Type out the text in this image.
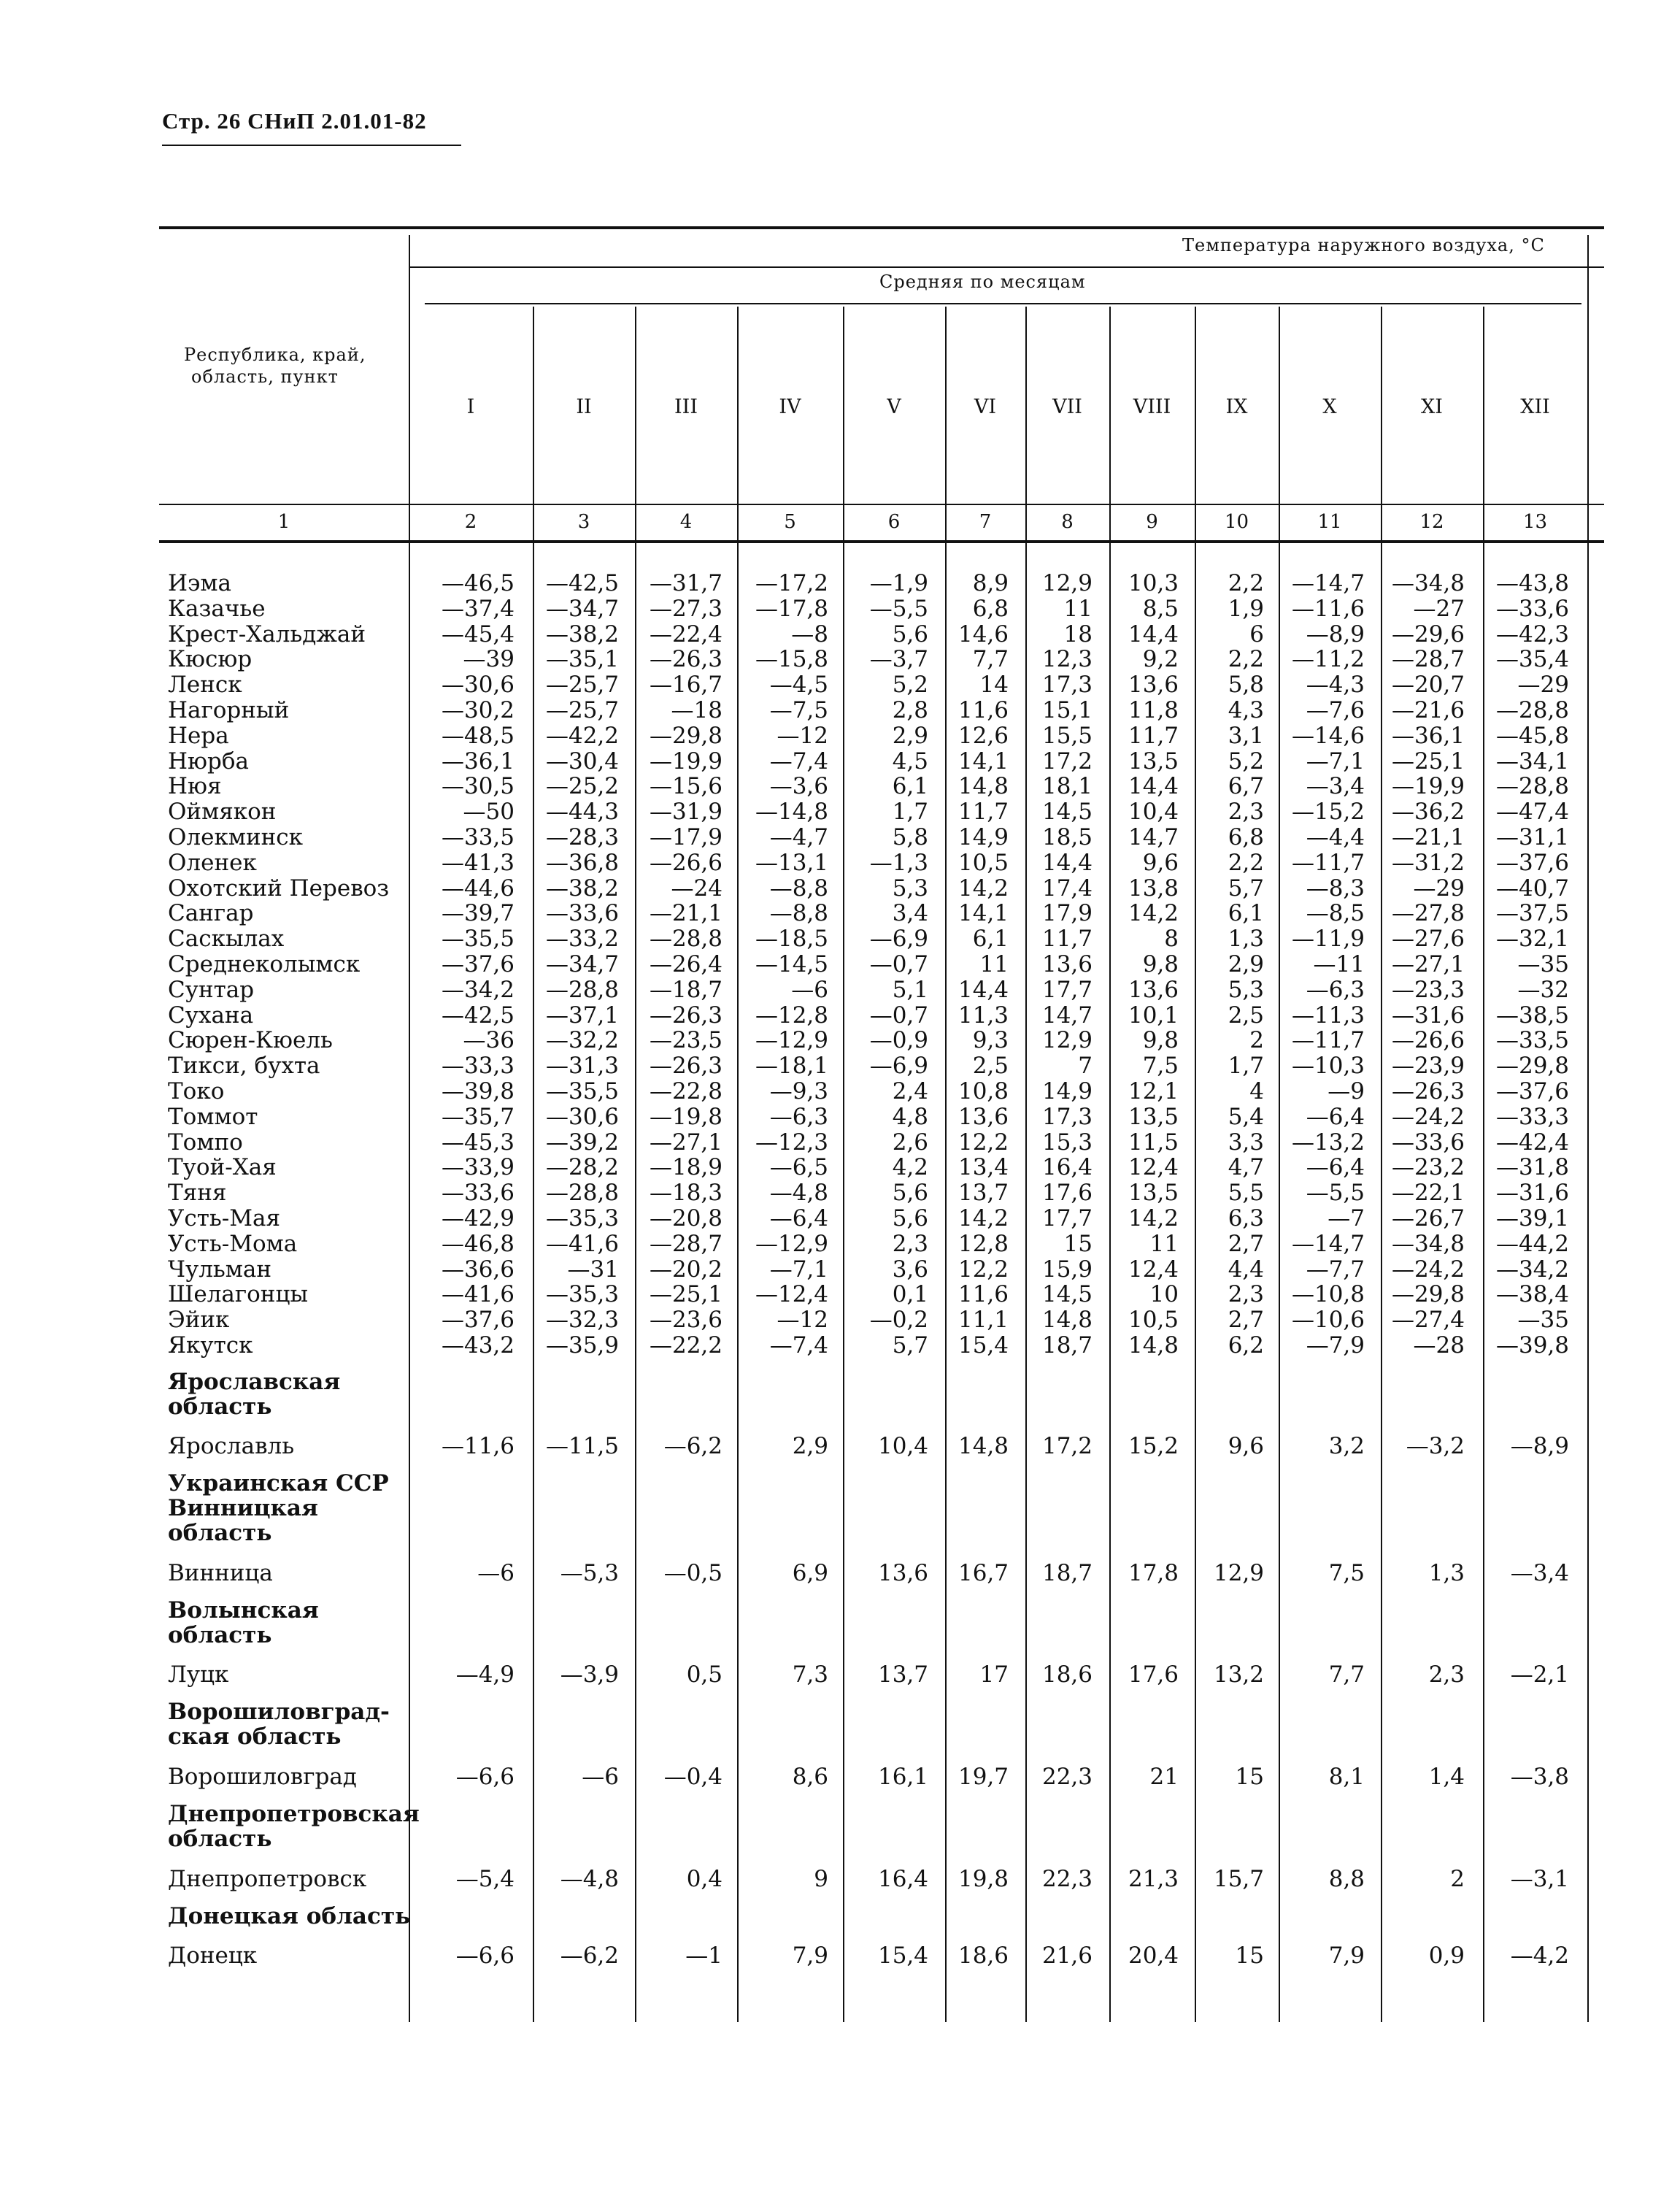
Стр. 26 СНиП 2.01.01-82
Температура наружного воздуха, °С
Средняя по месяцам
Республика, край,
область, пункт
I	II	III	IV	V	VI	VII	VIII	IX	X	XI	XII
1	2	3	4	5	6	7	8	9	10	11	12	13
Иэма	—46,5 —42,5 —31,7 —17,2 —1,9 8,9 12,9 10,3 2,2 —14,7 —34,8 —43,8
Казачье	—37,4 —34,7 —27,3 —17,8 —5,5 6,8 11 8,5 1,9 —11,6 —27 —33,6
Крест-Хальджай	—45,4 —38,2 —22,4	—8	5,6 14,6 18 14,4	6 —8,9 —29,6 —42,3
Кюсюр	—39 —35,1 —26,3 —15,8 —3,7 7,7 12,3 9,2 2,2 —11,2 —28,7 —35,4
Ленск	—30,6 —25,7 —16,7 —4,5	5,2 14 17,3 13,6 5,8 —4,3 —20,7 —29
Нагорный	—30,2 —25,7 —18 —7,5	2,8 11,6 15,1 11,8 4,3 —7,6 —21,6 —28,8
Нера	—48,5 —42,2 —29,8 —12	2,9 12,6 15,5 11,7 3,1 —14,6 —36,1 —45,8
Нюрба	—36,1 —30,4 —19,9 —7,4	4,5 14,1 17,2 13,5 5,2 —7,1 —25,1 —34,1
Нюя	—30,5 —25,2 —15,6 —3,6	6,1 14,8 18,1 14,4 6,7 —3,4 —19,9 —28,8
Оймякон	—50 —44,3 —31,9 —14,8	1,7 11,7 14,5 10,4 2,3 —15,2 —36,2 —47,4
Олекминск	—33,5 —28,3 —17,9 —4,7	5,8 14,9 18,5 14,7 6,8 —4,4 —21,1 —31,1
Оленек	—41,3 —36,8 —26,6 —13,1 —1,3 10,5 14,4 9,6 2,2 —11,7 —31,2 —37,6
Охотский Перевоз —44,6 —38,2 —24 —8,8	5,3 14,2 17,4 13,8 5,7 —8,3 —29 —40,7
Сангар	—39,7 —33,6 —21,1 —8,8	3,4 14,1 17,9 14,2 6,1 —8,5 —27,8 —37,5
Саскылах	—35,5 —33,2 —28,8 —18,5 —6,9 6,1 11,7	8 1,3 —11,9 —27,6 —32,1
Среднеколымск	—37,6 —34,7 —26,4 —14,5 —0,7 11 13,6 9,8 2,9 —11 —27,1 —35
Сунтар	—34,2 —28,8 —18,7	—6	5,1 14,4 17,7 13,6 5,3 —6,3 —23,3 —32
Сухана	—42,5 —37,1 —26,3 —12,8 —0,7 11,3 14,7 10,1 2,5 —11,3 —31,6 —38,5
Сюрен-Кюель	—36 —32,2 —23,5 —12,9 —0,9 9,3 12,9 9,8	2 —11,7 —26,6 —33,5
Тикси, бухта	—33,3 —31,3 —26,3 —18,1 —6,9 2,5	7 7,5 1,7 —10,3 —23,9 —29,8
Токо	—39,8 —35,5 —22,8 —9,3	2,4 10,8 14,9 12,1	4	—9 —26,3 —37,6
Томмот	—35,7 —30,6 —19,8 —6,3	4,8 13,6 17,3 13,5 5,4 —6,4 —24,2 —33,3
Томпо	—45,3 —39,2 —27,1 —12,3	2,6 12,2 15,3 11,5 3,3 —13,2 —33,6 —42,4
Туой-Хая	—33,9 —28,2 —18,9 —6,5	4,2 13,4 16,4 12,4 4,7 —6,4 —23,2 —31,8
Тяня	—33,6 —28,8 —18,3 —4,8	5,6 13,7 17,6 13,5 5,5 —5,5 —22,1 —31,6
Усть-Мая	—42,9 —35,3 —20,8 —6,4	5,6 14,2 17,7 14,2 6,3	—7 —26,7 —39,1
Усть-Мома	—46,8 —41,6 —28,7 —12,9	2,3 12,8 15	11 2,7 —14,7 —34,8 —44,2
Чульман	—36,6 —31 —20,2 —7,1	3,6 12,2 15,9 12,4 4,4 —7,7 —24,2 —34,2
Шелагонцы	—41,6 —35,3 —25,1 —12,4	0,1 11,6 14,5	10 2,3 —10,8 —29,8 —38,4
Эйик	—37,6 —32,3 —23,6 —12 —0,2 11,1 14,8 10,5 2,7 —10,6 —27,4 —35
Якутск	—43,2 —35,9 —22,2 —7,4	5,7 15,4 18,7 14,8 6,2 —7,9 —28 —39,8
Ярославская
область
Ярославль	—11,6 —11,5 —6,2	2,9 10,4 14,8 17,2 15,2 9,6	3,2 —3,2 —8,9
Украинская ССР
Винницкая
область
Винница	—6 —5,3 —0,5	6,9 13,6 16,7 18,7 17,8 12,9	7,5	1,3 —3,4
Волынская
область
Луцк	—4,9 —3,9	0,5	7,3 13,7 17 18,6 17,6 13,2	7,7	2,3 —2,1
Ворошиловград-
ская область
Ворошиловград	—6,6	—6 —0,4	8,6 16,1 19,7 22,3	21	15	8,1	1,4 —3,8
Днепропетровская
область
Днепропетровск	—5,4 —4,8	0,4	9 16,4 19,8 22,3 21,3 15,7	8,8	2 —3,1
Донецкая область
Донецк	—6,6 —6,2	—1	7,9 15,4 18,6 21,6 20,4	15	7,9	0,9 —4,2
